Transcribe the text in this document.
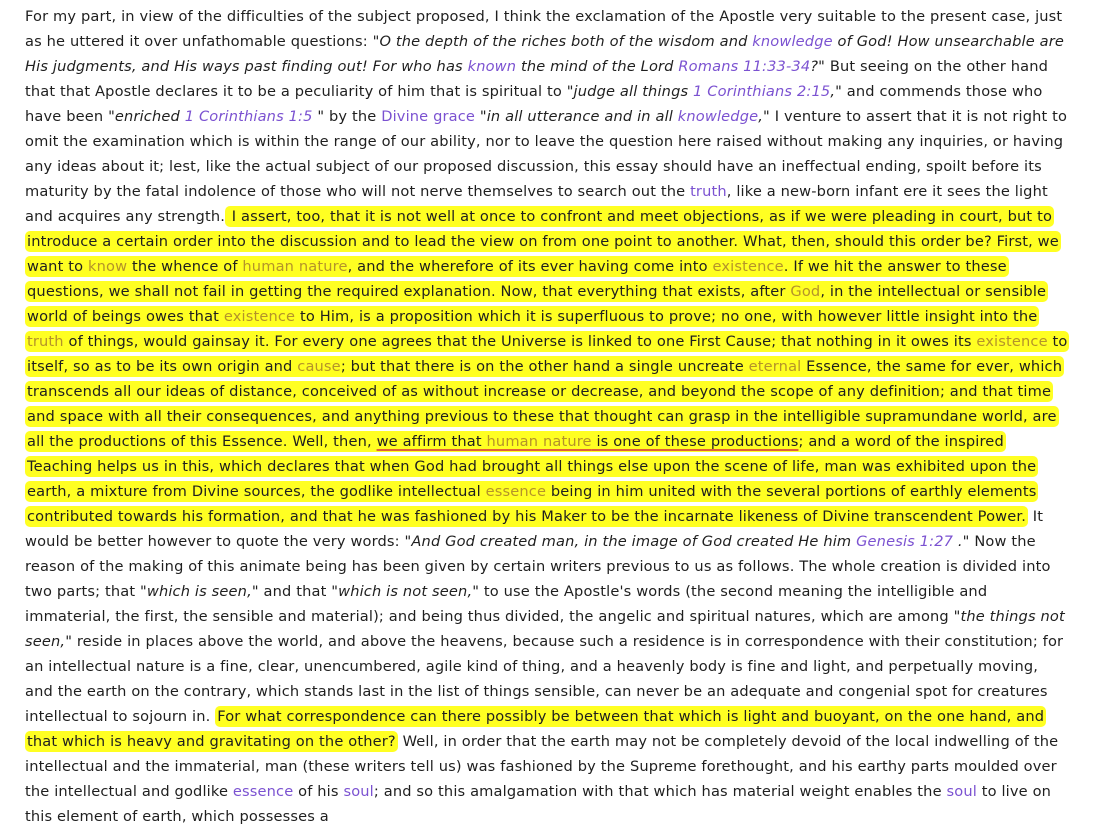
For my part, in view of the difficulties of the subject proposed, I think the exclamation of the Apostle very suitable to the present case, just as he uttered it over unfathomable questions: "O the depth of the riches both of the wisdom and knowledge of God! How unsearchable are His judgments, and His ways past finding out! For who has known the mind of the Lord Romans 11:33-34?" But seeing on the other hand that that Apostle declares it to be a peculiarity of him that is spiritual to "judge all things 1 Corinthians 2:15," and commends those who have been "enriched 1 Corinthians 1:5 " by the Divine grace "in all utterance and in all knowledge," I venture to assert that it is not right to omit the examination which is within the range of our ability, nor to leave the question here raised without making any inquiries, or having any ideas about it; lest, like the actual subject of our proposed discussion, this essay should have an ineffectual ending, spoilt before its maturity by the fatal indolence of those who will not nerve themselves to search out the truth, like a new-born infant ere it sees the light and acquires any strength. I assert, too, that it is not well at once to confront and meet objections, as if we were pleading in court, but to introduce a certain order into the discussion and to lead the view on from one point to another. What, then, should this order be? First, we want to know the whence of human nature, and the wherefore of its ever having come into existence. If we hit the answer to these questions, we shall not fail in getting the required explanation. Now, that everything that exists, after God, in the intellectual or sensible world of beings owes that existence to Him, is a proposition which it is superfluous to prove; no one, with however little insight into the truth of things, would gainsay it. For every one agrees that the Universe is linked to one First Cause; that nothing in it owes its existence to itself, so as to be its own origin and cause; but that there is on the other hand a single uncreate eternal Essence, the same for ever, which transcends all our ideas of distance, conceived of as without increase or decrease, and beyond the scope of any definition; and that time and space with all their consequences, and anything previous to these that thought can grasp in the intelligible supramundane world, are all the productions of this Essence. Well, then, we affirm that human nature is one of these productions; and a word of the inspired Teaching helps us in this, which declares that when God had brought all things else upon the scene of life, man was exhibited upon the earth, a mixture from Divine sources, the godlike intellectual essence being in him united with the several portions of earthly elements contributed towards his formation, and that he was fashioned by his Maker to be the incarnate likeness of Divine transcendent Power. It would be better however to quote the very words: "And God created man, in the image of God created He him Genesis 1:27 ." Now the reason of the making of this animate being has been given by certain writers previous to us as follows. The whole creation is divided into two parts; that "which is seen," and that "which is not seen," to use the Apostle's words (the second meaning the intelligible and immaterial, the first, the sensible and material); and being thus divided, the angelic and spiritual natures, which are among "the things not seen," reside in places above the world, and above the heavens, because such a residence is in correspondence with their constitution; for an intellectual nature is a fine, clear, unencumbered, agile kind of thing, and a heavenly body is fine and light, and perpetually moving, and the earth on the contrary, which stands last in the list of things sensible, can never be an adequate and congenial spot for creatures intellectual to sojourn in. For what correspondence can there possibly be between that which is light and buoyant, on the one hand, and that which is heavy and gravitating on the other? Well, in order that the earth may not be completely devoid of the local indwelling of the intellectual and the immaterial, man (these writers tell us) was fashioned by the Supreme forethought, and his earthy parts moulded over the intellectual and godlike essence of his soul; and so this amalgamation with that which has material weight enables the soul to live on this element of earth, which possesses a
